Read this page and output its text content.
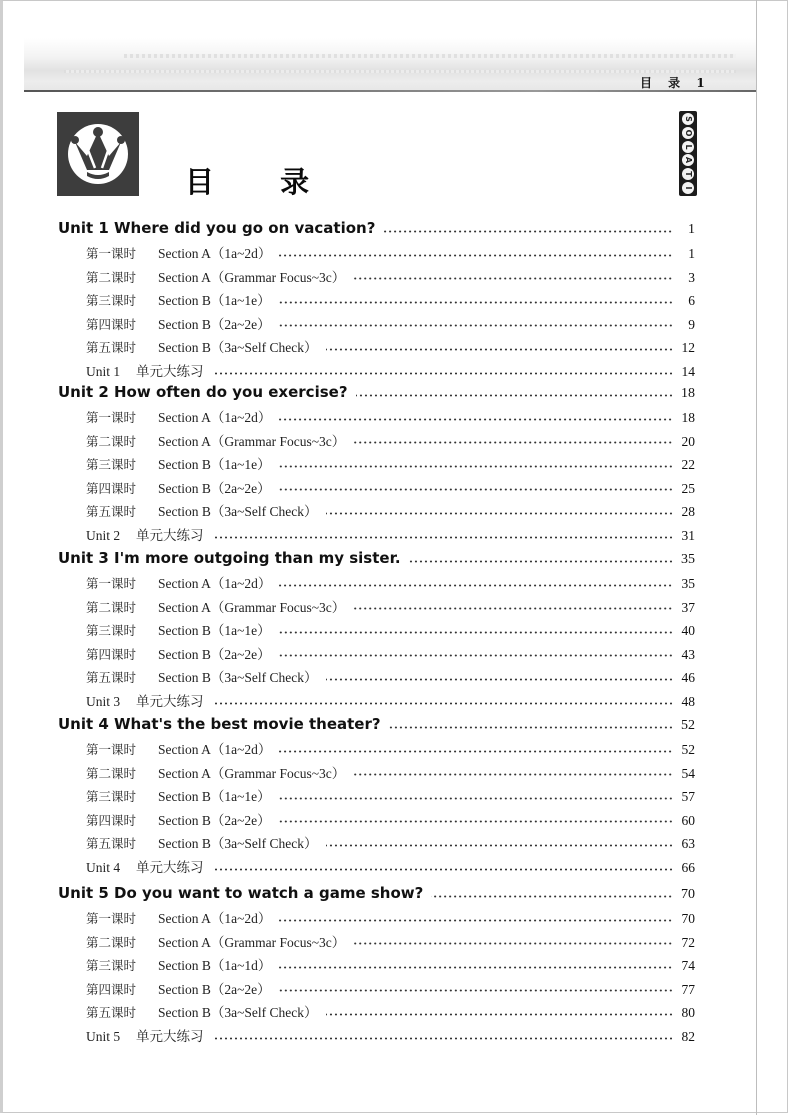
目 录 1
目 录
S
O
L
A
T
I
Unit 1 Where did you go on vacation?	1
第一课时	Section A（1a~2d）	1
第二课时	Section A（Grammar Focus~3c）	3
第三课时	Section B（1a~1e）	6
第四课时	Section B（2a~2e）	9
第五课时	Section B（3a~Self Check）	12
Unit 1	单元大练习	14
Unit 2 How often do you exercise?	18
第一课时	Section A（1a~2d）	18
第二课时	Section A（Grammar Focus~3c）	20
第三课时	Section B（1a~1e）	22
第四课时	Section B（2a~2e）	25
第五课时	Section B（3a~Self Check）	28
Unit 2	单元大练习	31
Unit 3 I'm more outgoing than my sister.	35
第一课时	Section A（1a~2d）	35
第二课时	Section A（Grammar Focus~3c）	37
第三课时	Section B（1a~1e）	40
第四课时	Section B（2a~2e）	43
第五课时	Section B（3a~Self Check）	46
Unit 3	单元大练习	48
Unit 4 What's the best movie theater?	52
第一课时	Section A（1a~2d）	52
第二课时	Section A（Grammar Focus~3c）	54
第三课时	Section B（1a~1e）	57
第四课时	Section B（2a~2e）	60
第五课时	Section B（3a~Self Check）	63
Unit 4	单元大练习	66
Unit 5 Do you want to watch a game show?	70
第一课时	Section A（1a~2d）	70
第二课时	Section A（Grammar Focus~3c）	72
第三课时	Section B（1a~1d）	74
第四课时	Section B（2a~2e）	77
第五课时	Section B（3a~Self Check）	80
Unit 5	单元大练习	82
